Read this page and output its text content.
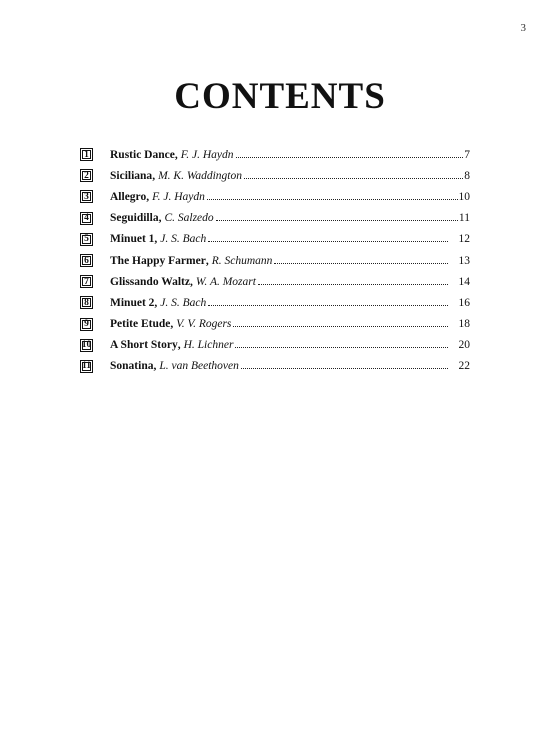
3
CONTENTS
1	Rustic Dance , F. J. Haydn	7
2	Siciliana , M. K. Waddington	8
3	Allegro , F. J. Haydn	10
4	Seguidilla , C. Salzedo	11
5	Minuet 1 , J. S. Bach	12
6	The Happy Farmer , R. Schumann	13
7	Glissando Waltz , W. A. Mozart	14
8	Minuet 2 , J. S. Bach	16
9	Petite Etude , V. V. Rogers	18
10 A Short Story , H. Lichner	20
11 Sonatina , L. van Beethoven	22
